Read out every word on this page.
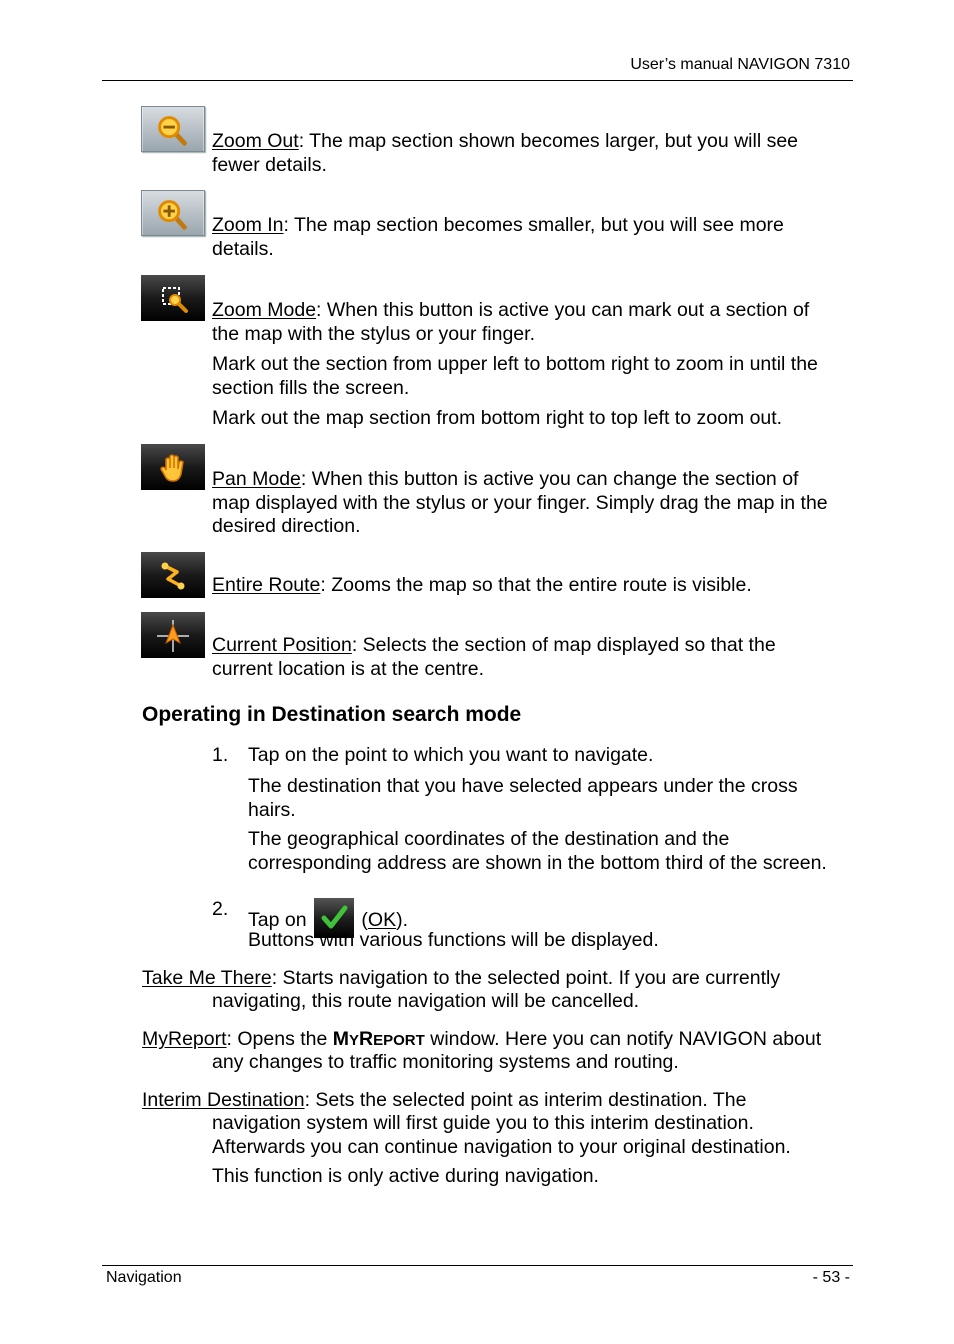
User’s manual NAVIGON 7310
Zoom Out: The map section shown becomes larger, but you will see
fewer details.
Zoom In: The map section becomes smaller, but you will see more
details.
Zoom Mode: When this button is active you can mark out a section of
the map with the stylus or your finger.
Mark out the section from upper left to bottom right to zoom in until the
section fills the screen.
Mark out the map section from bottom right to top left to zoom out.
Pan Mode: When this button is active you can change the section of
map displayed with the stylus or your finger. Simply drag the map in the
desired direction.
Entire Route: Zooms the map so that the entire route is visible.
Current Position: Selects the section of map displayed so that the
current location is at the centre.
Operating in Destination search mode
1. Tap on the point to which you want to navigate.
The destination that you have selected appears under the cross
hairs.
The geographical coordinates of the destination and the
corresponding address are shown in the bottom third of the screen.
2. Tap on	(OK).
Buttons with various functions will be displayed.
Take Me There: Starts navigation to the selected point. If you are currently
navigating, this route navigation will be cancelled.
MyReport: Opens the MYREPORT window. Here you can notify NAVIGON about
any changes to traffic monitoring systems and routing.
Interim Destination: Sets the selected point as interim destination. The
navigation system will first guide you to this interim destination.
Afterwards you can continue navigation to your original destination.
This function is only active during navigation.
Navigation	- 53 -
